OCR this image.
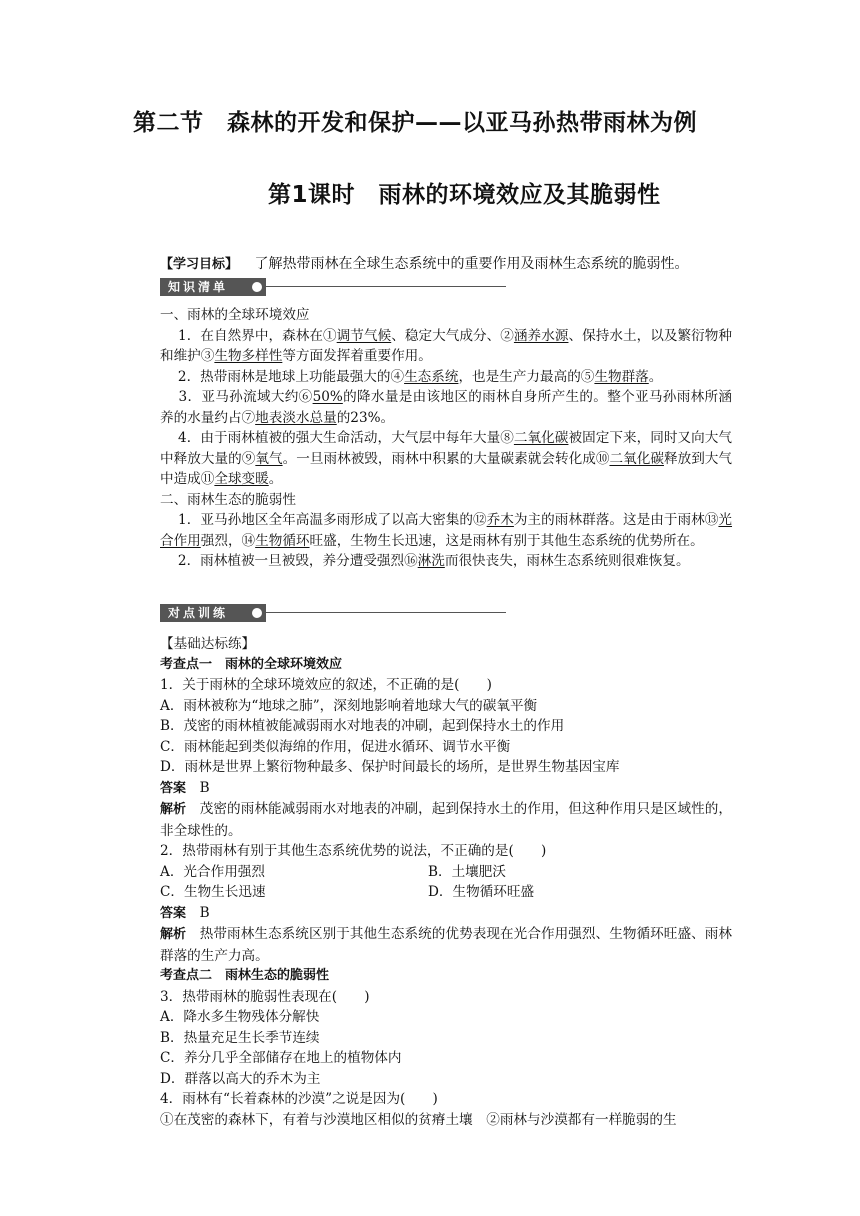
第二节　森林的开发和保护——以亚马孙热带雨林为例
第1课时　雨林的环境效应及其脆弱性
【学习目标】 了解热带雨林在全球生态系统中的重要作用及雨林生态系统的脆弱性。
知识清单

一、雨林的全球环境效应

　 1．在自然界中，森林在①调节气候、稳定大气成分、②涵养水源、保持水土，以及繁衍物种和维护③生物多样性等方面发挥着重要作用。

　 2．热带雨林是地球上功能最强大的④生态系统，也是生产力最高的⑤生物群落。

　 3．亚马孙流域大约⑥50%的降水量是由该地区的雨林自身所产生的。整个亚马孙雨林所涵养的水量约占⑦地表淡水总量的23%。

　 4．由于雨林植被的强大生命活动，大气层中每年大量⑧二氧化碳被固定下来，同时又向大气中释放大量的⑨氧气。一旦雨林被毁，雨林中积累的大量碳素就会转化成⑩二氧化碳释放到大气中造成⑪全球变暖。

二、雨林生态的脆弱性

　 1．亚马孙地区全年高温多雨形成了以高大密集的⑫乔木为主的雨林群落。这是由于雨林⑬光合作用强烈，⑭生物循环旺盛，生物生长迅速，这是雨林有别于其他生态系统的优势所在。

　 2．雨林植被一旦被毁，养分遭受强烈⑯淋洗而很快丧失，雨林生态系统则很难恢复。

对点训练

【基础达标练】

考查点一　雨林的全球环境效应

1．关于雨林的全球环境效应的叙述，不正确的是(　　)

A．雨林被称为“地球之肺”，深刻地影响着地球大气的碳氧平衡

B．茂密的雨林植被能减弱雨水对地表的冲刷，起到保持水土的作用

C．雨林能起到类似海绵的作用，促进水循环、调节水平衡

D．雨林是世界上繁衍物种最多、保护时间最长的场所，是世界生物基因宝库

答案　 B

解析　 茂密的雨林能减弱雨水对地表的冲刷，起到保持水土的作用，但这种作用只是区域性的，非全球性的。

2．热带雨林有别于其他生态系统优势的说法，不正确的是(　　)

A．光合作用强烈	B．土壤肥沃

C．生物生长迅速	D．生物循环旺盛

答案　 B

解析　 热带雨林生态系统区别于其他生态系统的优势表现在光合作用强烈、生物循环旺盛、雨林群落的生产力高。

考查点二　雨林生态的脆弱性

3．热带雨林的脆弱性表现在(　　)

A．降水多生物残体分解快

B．热量充足生长季节连续

C．养分几乎全部储存在地上的植物体内

D．群落以高大的乔木为主

4．雨林有“长着森林的沙漠”之说是因为(　　)

①在茂密的森林下，有着与沙漠地区相似的贫瘠土壤　②雨林与沙漠都有一样脆弱的生
